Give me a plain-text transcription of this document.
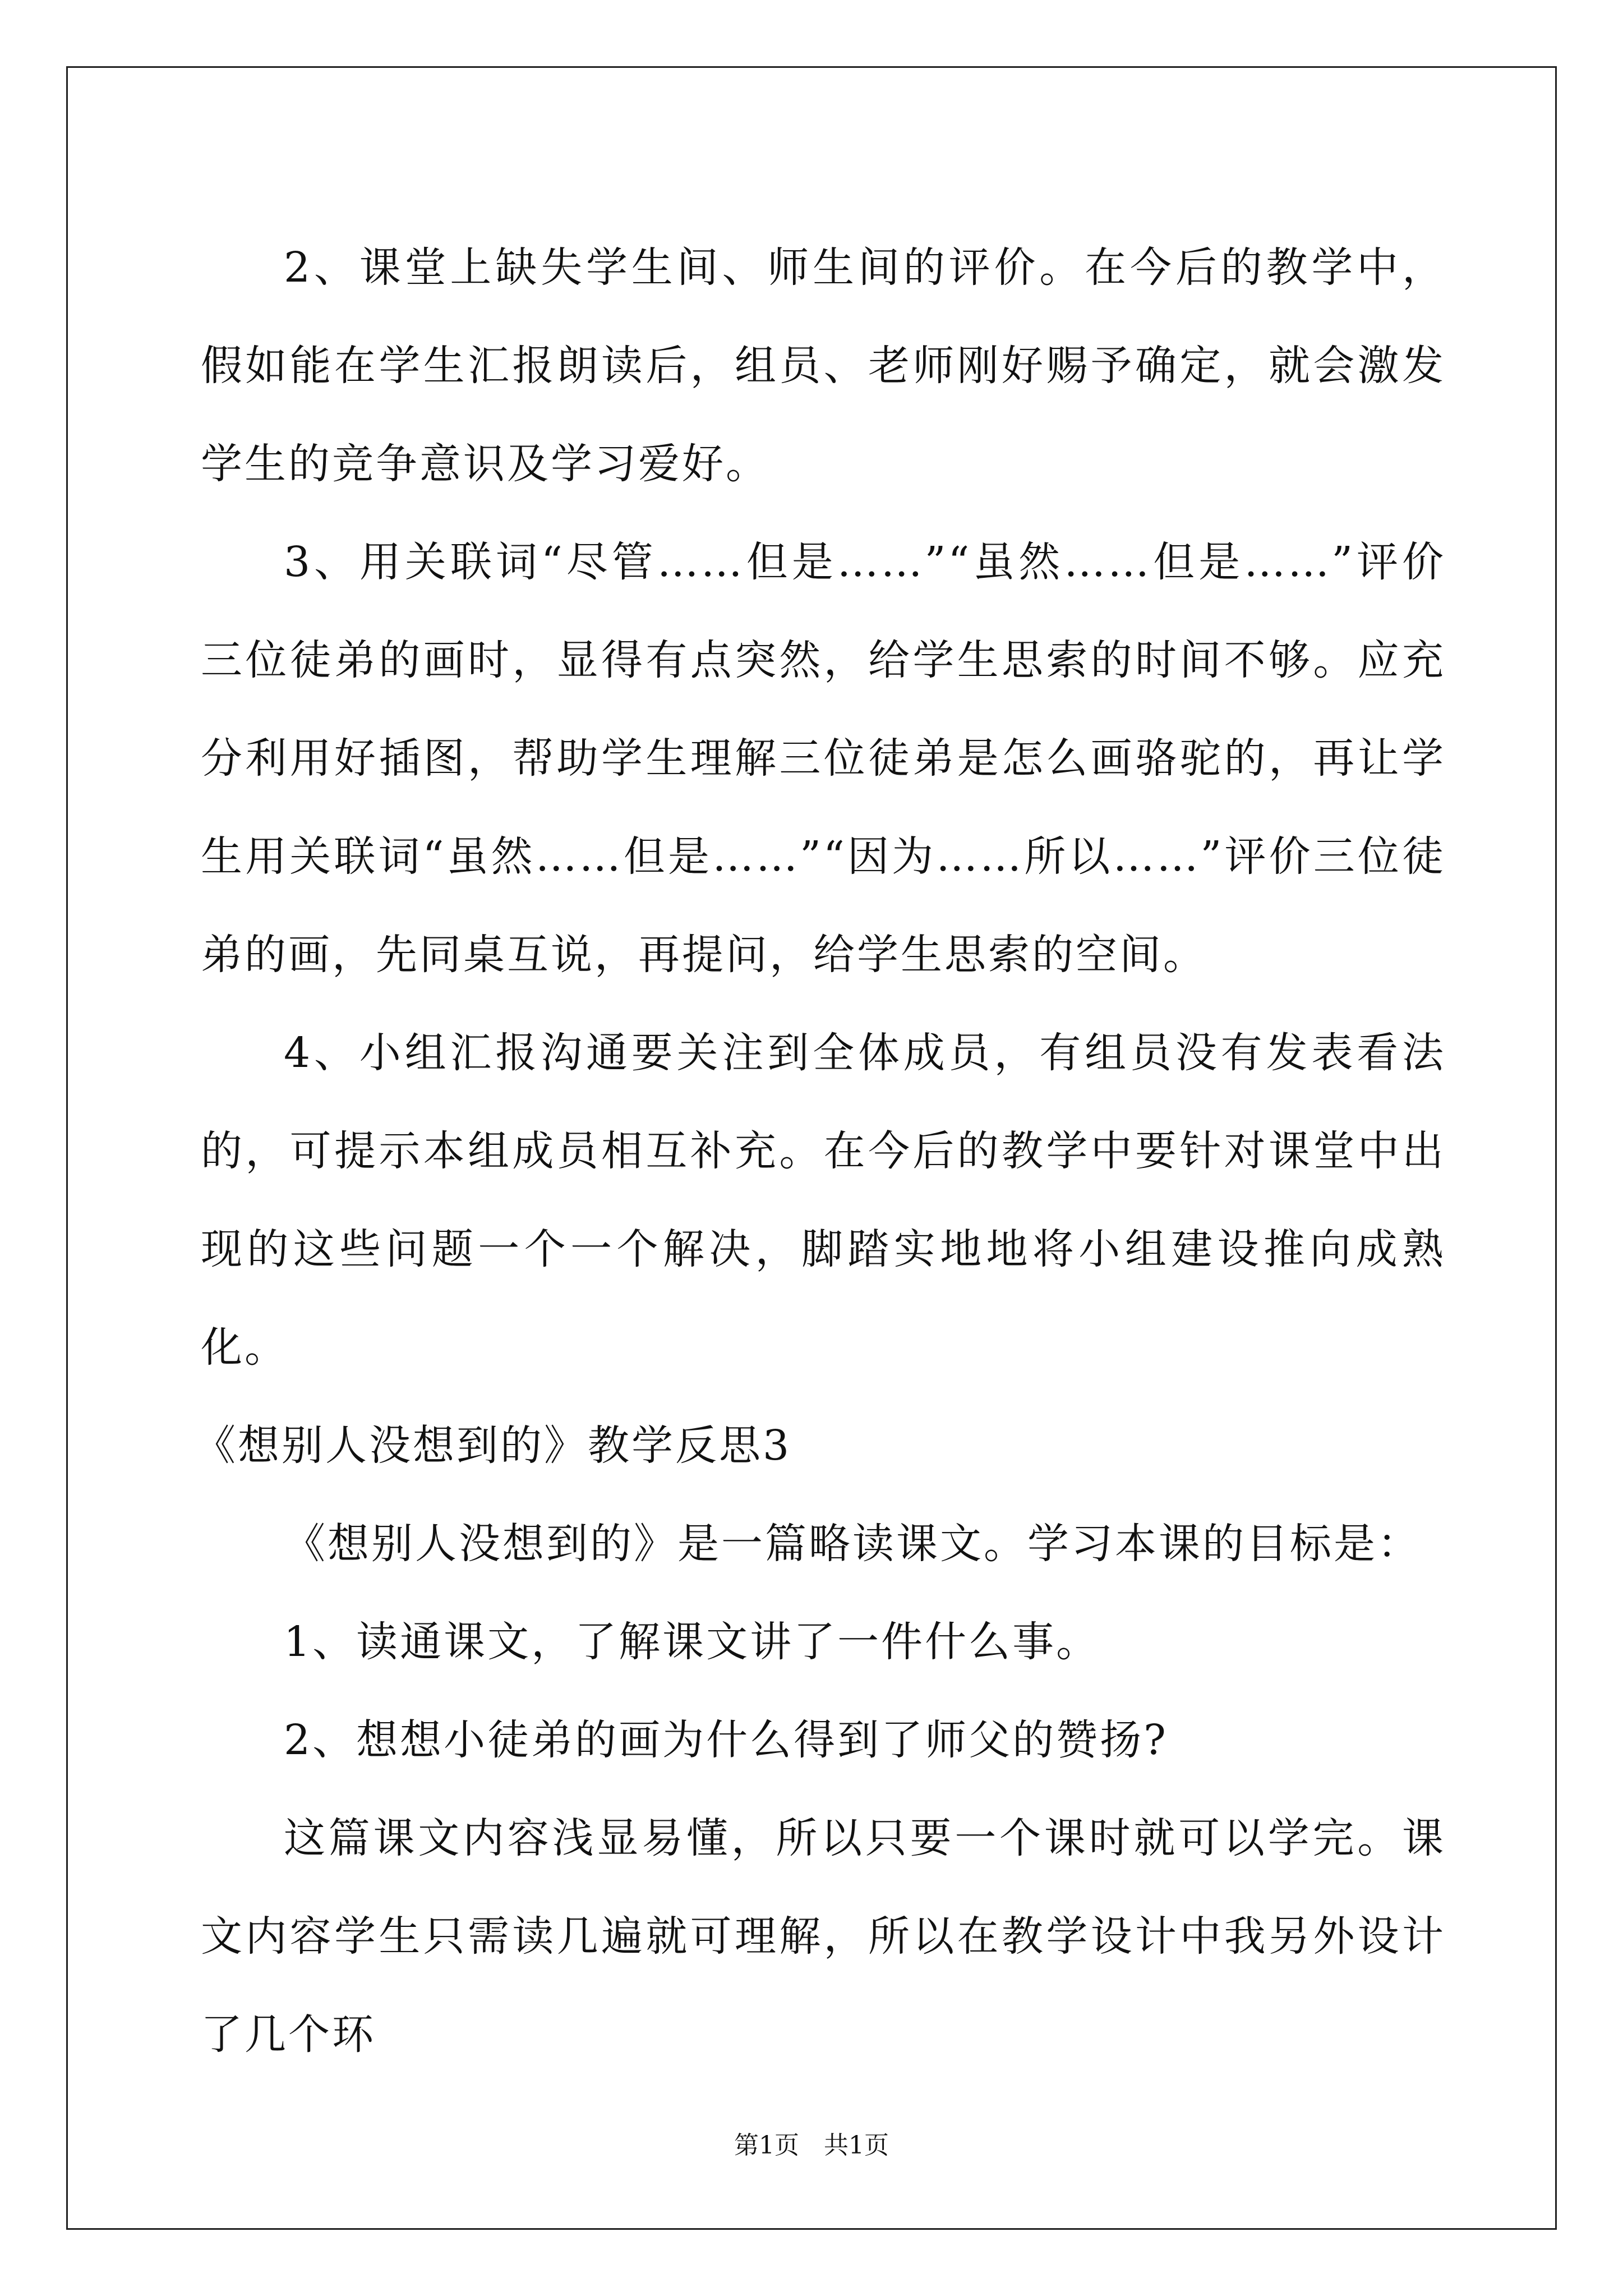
2、课堂上缺失学生间、师生间的评价。在今后的教学中，假如能在学生汇报朗读后，组员、老师刚好赐予确定，就会激发学生的竞争意识及学习爱好。

3、用关联词“尽管……但是……”“虽然……但是……”评价三位徒弟的画时，显得有点突然，给学生思索的时间不够。应充分利用好插图，帮助学生理解三位徒弟是怎么画骆驼的，再让学生用关联词“虽然……但是……”“因为……所以……”评价三位徒弟的画，先同桌互说，再提问，给学生思索的空间。

4、小组汇报沟通要关注到全体成员，有组员没有发表看法的，可提示本组成员相互补充。在今后的教学中要针对课堂中出现的这些问题一个一个解决，脚踏实地地将小组建设推向成熟化。

《想别人没想到的》教学反思3

《想别人没想到的》是一篇略读课文。学习本课的目标是：

1、读通课文，了解课文讲了一件什么事。

2、想想小徒弟的画为什么得到了师父的赞扬?

这篇课文内容浅显易懂，所以只要一个课时就可以学完。课文内容学生只需读几遍就可理解，所以在教学设计中我另外设计了几个环

第1页　共1页
